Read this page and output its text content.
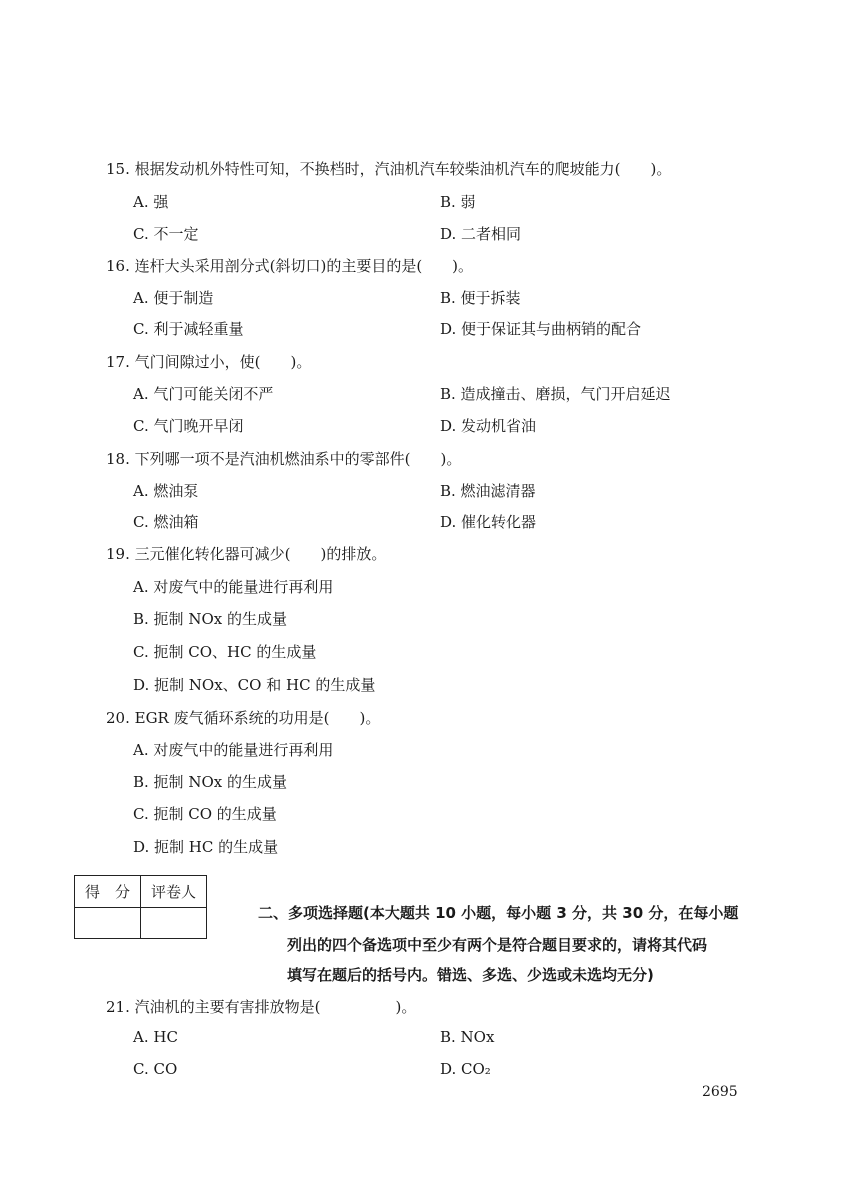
15. 根据发动机外特性可知，不换档时，汽油机汽车较柴油机汽车的爬坡能力(　　)。
A. 强	B. 弱
C. 不一定	D. 二者相同
16. 连杆大头采用剖分式(斜切口)的主要目的是(　　)。
A. 便于制造	B. 便于拆装
C. 利于减轻重量	D. 便于保证其与曲柄销的配合
17. 气门间隙过小，使(　　)。
A. 气门可能关闭不严	B. 造成撞击、磨损，气门开启延迟
C. 气门晚开早闭	D. 发动机省油
18. 下列哪一项不是汽油机燃油系中的零部件(　　)。
A. 燃油泵	B. 燃油滤清器
C. 燃油箱	D. 催化转化器
19. 三元催化转化器可减少(　　)的排放。
A. 对废气中的能量进行再利用
B. 扼制 NOx 的生成量
C. 扼制 CO、HC 的生成量
D. 扼制 NOx、CO 和 HC 的生成量
20. EGR 废气循环系统的功用是(　　)。
A. 对废气中的能量进行再利用
B. 扼制 NOx 的生成量
C. 扼制 CO 的生成量
D. 扼制 HC 的生成量
得　分	评卷人

二、多项选择题(本大题共 10 小题，每小题 3 分，共 30 分，在每小题
列出的四个备选项中至少有两个是符合题目要求的，请将其代码
填写在题后的括号内。错选、多选、少选或未选均无分)
21. 汽油机的主要有害排放物是(　　　　　)。
A. HC	B. NOx
C. CO	D. CO₂
2695
